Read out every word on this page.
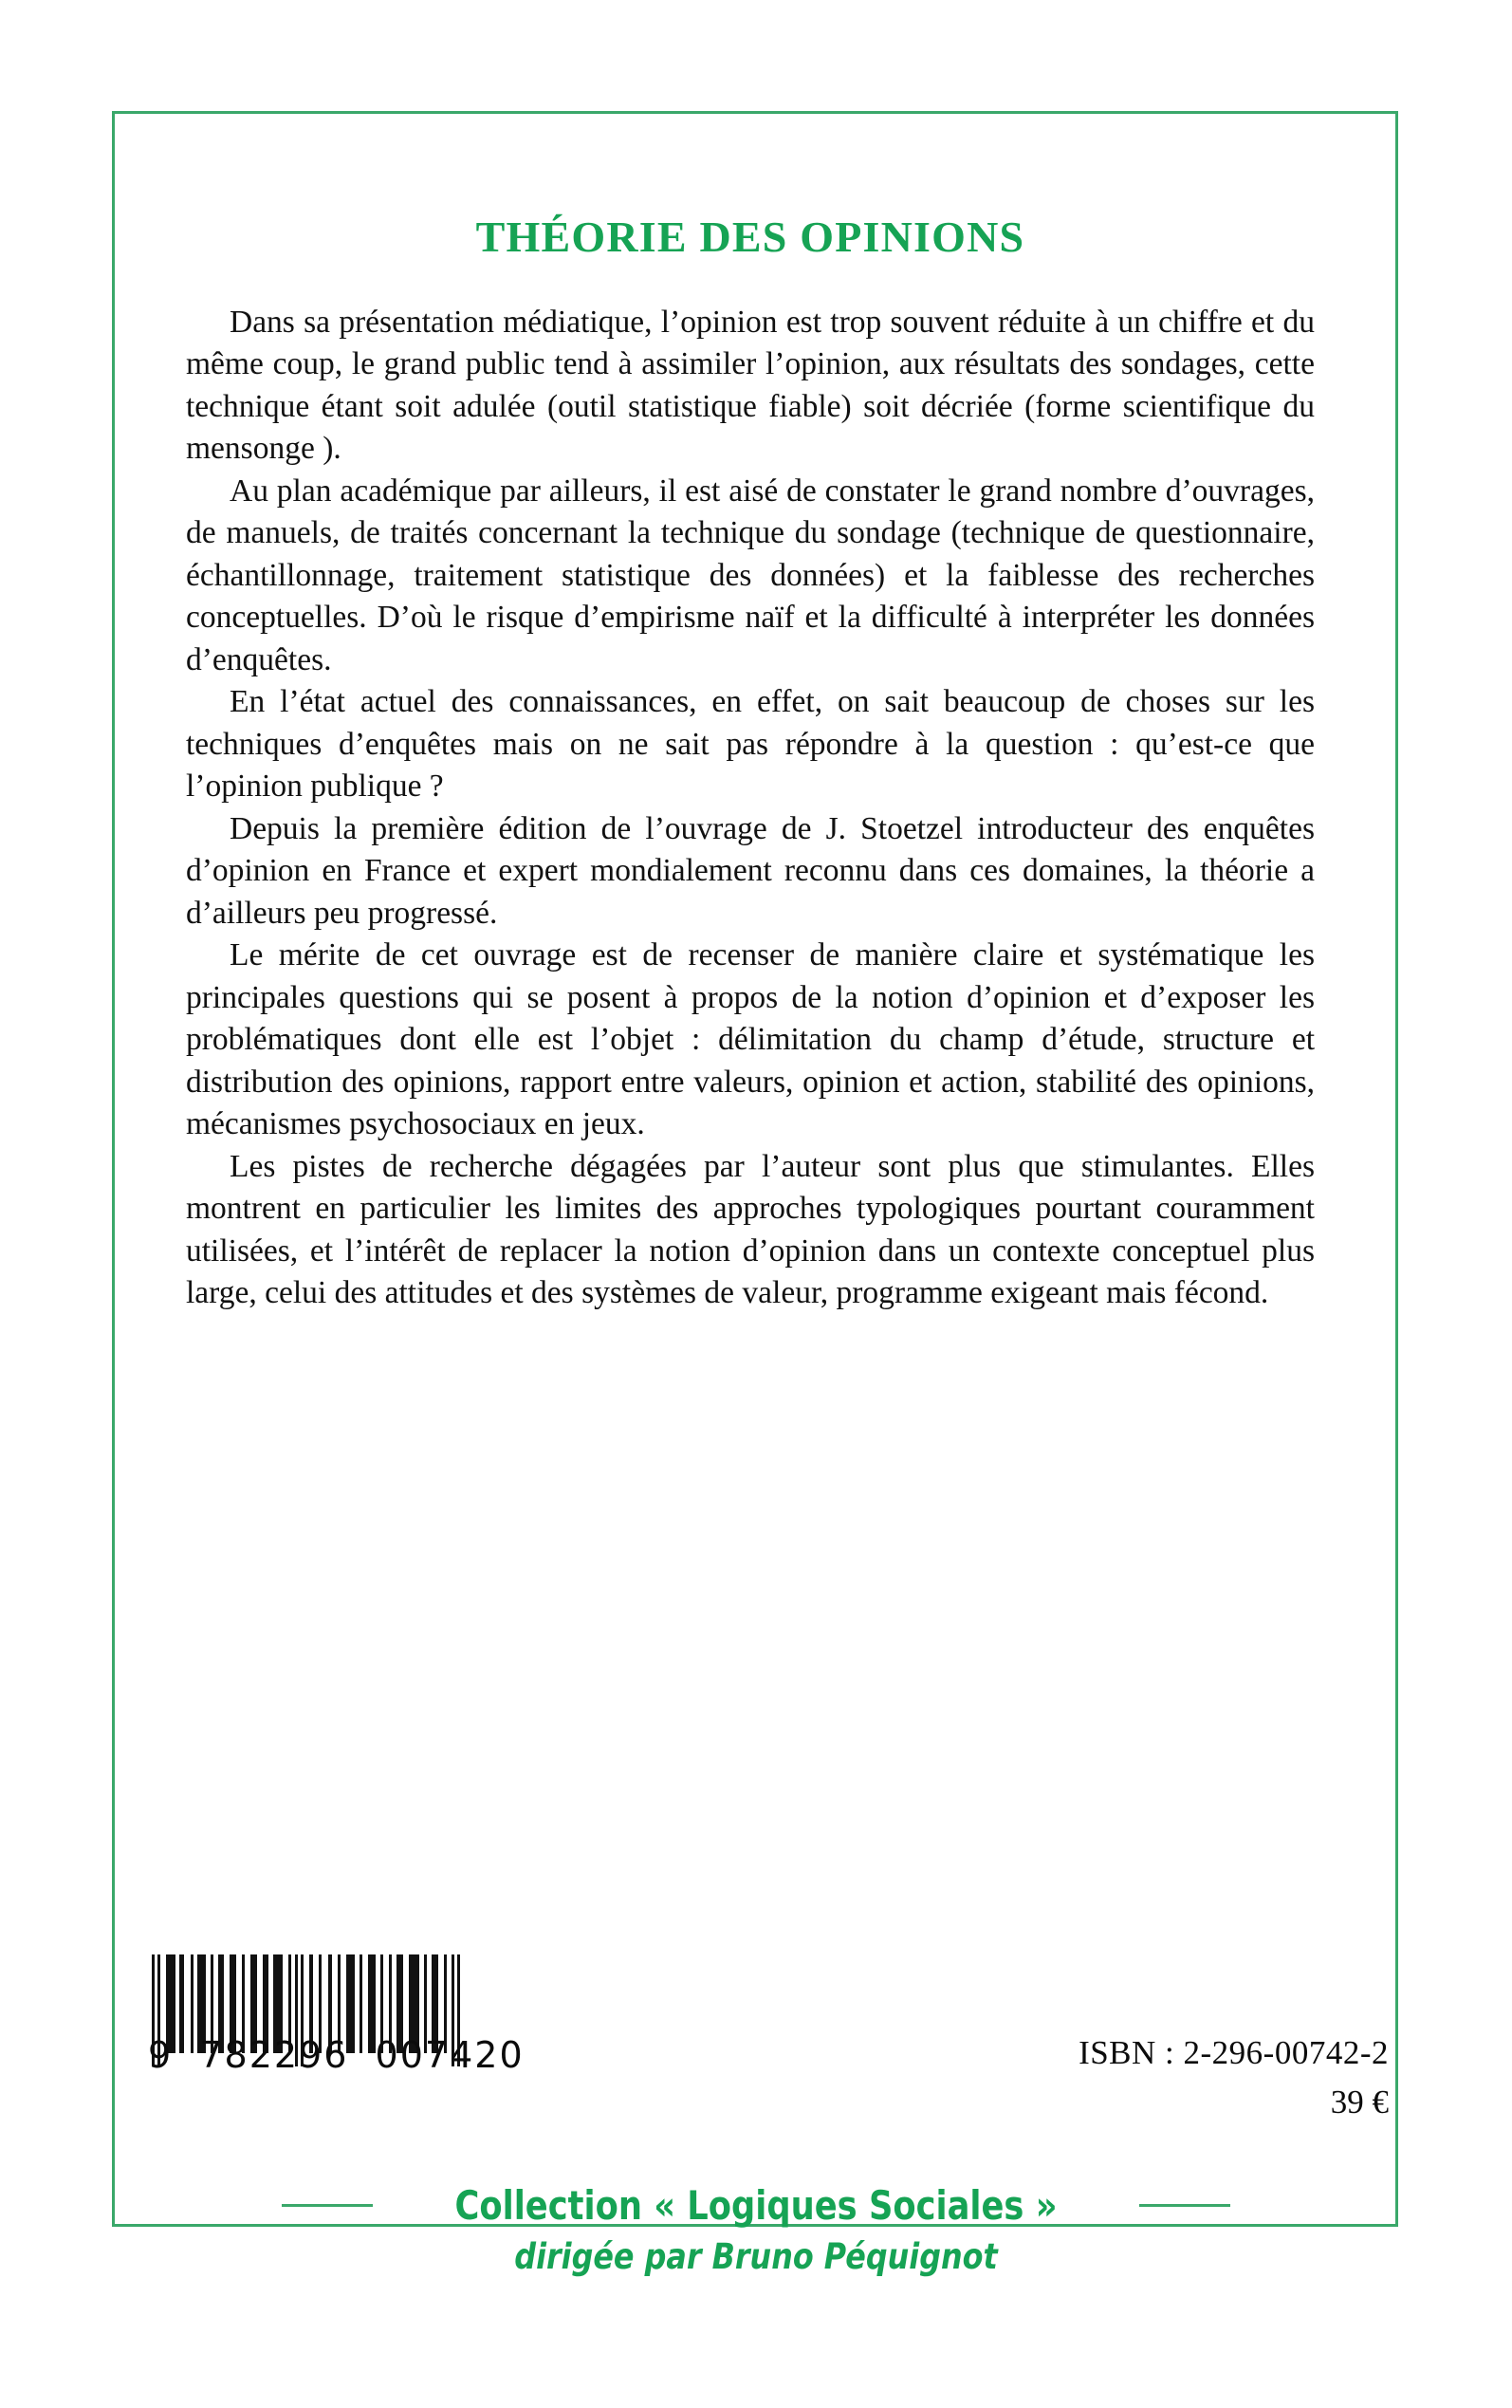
THÉORIE DES OPINIONS

Dans sa présentation médiatique, l’opinion est trop souvent réduite à un chiffre et du même coup, le grand public tend à assimiler l’opinion, aux résultats des sondages, cette technique étant soit adulée (outil statistique fiable) soit décriée (forme scientifique du mensonge ).

Au plan académique par ailleurs, il est aisé de constater le grand nombre d’ouvrages, de manuels, de traités concernant la technique du sondage (technique de questionnaire, échantillonnage, traitement statistique des données) et la faiblesse des recherches conceptuelles. D’où le risque d’empirisme naïf et la difficulté à interpréter les données d’enquêtes.

En l’état actuel des connaissances, en effet, on sait beaucoup de choses sur les techniques d’enquêtes mais on ne sait pas répondre à la question : qu’est-ce que l’opinion publique ?

Depuis la première édition de l’ouvrage de J. Stoetzel introducteur des enquêtes d’opinion en France et expert mondialement reconnu dans ces domaines, la théorie a d’ailleurs peu progressé.

Le mérite de cet ouvrage est de recenser de manière claire et systématique les principales questions qui se posent à propos de la notion d’opinion et d’exposer les problématiques dont elle est l’objet : délimitation du champ d’étude, structure et distribution des opinions, rapport entre valeurs, opinion et action, stabilité des opinions, mécanismes psychosociaux en jeux.

Les pistes de recherche dégagées par l’auteur sont plus que stimulantes. Elles montrent en particulier les limites des approches typologiques pourtant couramment utilisées, et l’intérêt de replacer la notion d’opinion dans un contexte conceptuel plus large, celui des attitudes et des systèmes de valeur, programme exigeant mais fécond.

9  782296  007420	ISBN : 2-296-00742-2
39 €
Collection « Logiques Sociales »
dirigée par Bruno Péquignot
